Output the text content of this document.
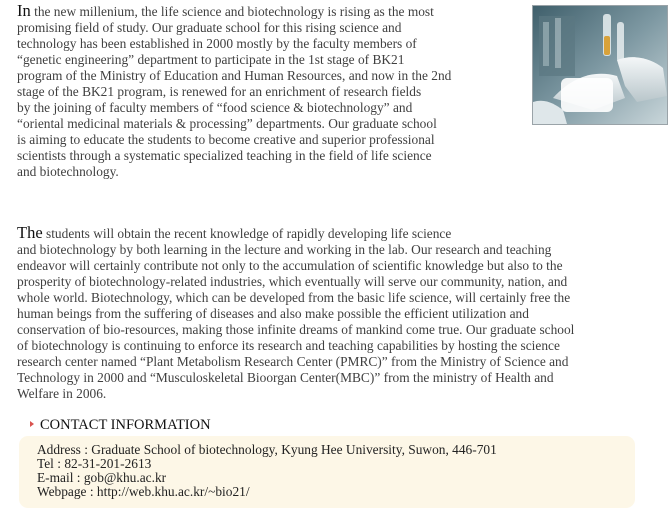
In the new millenium, the life science and biotechnology is rising as the most
promising field of study. Our graduate school for this rising science and
technology has been established in 2000 mostly by the faculty members of
“genetic engineering” department to participate in the 1st stage of BK21
program of the Ministry of Education and Human Resources, and now in the 2nd
stage of the BK21 program, is renewed for an enrichment of research fields
by the joining of faculty members of “food science & biotechnology” and
“oriental medicinal materials & processing” departments. Our graduate school
is aiming to educate the students to become creative and superior professional
scientists through a systematic specialized teaching in the field of life science
and biotechnology.
The students will obtain the recent knowledge of rapidly developing life science
and biotechnology by both learning in the lecture and working in the lab. Our research and teaching
endeavor will certainly contribute not only to the accumulation of scientific knowledge but also to the
prosperity of biotechnology-related industries, which eventually will serve our community, nation, and
whole world. Biotechnology, which can be developed from the basic life science, will certainly free the
human beings from the suffering of diseases and also make possible the efficient utilization and
conservation of bio-resources, making those infinite dreams of mankind come true. Our graduate school
of biotechnology is continuing to enforce its research and teaching capabilities by hosting the science
research center named “Plant Metabolism Research Center (PMRC)” from the Ministry of Science and
Technology in 2000 and “Musculoskeletal Bioorgan Center(MBC)” from the ministry of Health and
Welfare in 2006.
CONTACT INFORMATION
Address : Graduate School of biotechnology, Kyung Hee University, Suwon, 446-701
Tel : 82-31-201-2613
E-mail : gob@khu.ac.kr
Webpage : http://web.khu.ac.kr/~bio21/
